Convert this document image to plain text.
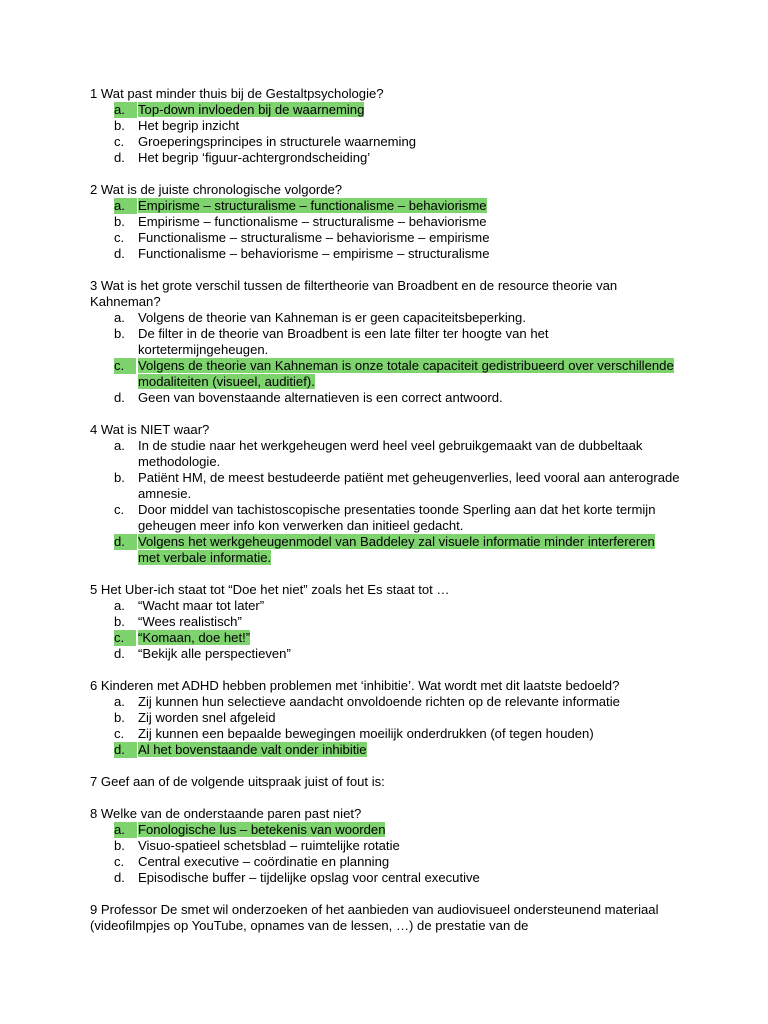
1 Wat past minder thuis bij de Gestaltpsychologie?

a. Top-down invloeden bij de waarneming
b. Het begrip inzicht
c.	Groeperingsprincipes in structurele waarneming
d. Het begrip ‘figuur-achtergrondscheiding’

2 Wat is de juiste chronologische volgorde?

a. Empirisme – structuralisme – functionalisme – behaviorisme
b. Empirisme – functionalisme – structuralisme – behaviorisme
c.	Functionalisme – structuralisme – behaviorisme – empirisme
d. Functionalisme – behaviorisme – empirisme – structuralisme

3 Wat is het grote verschil tussen de filtertheorie van Broadbent en de resource theorie van Kahneman?

a. Volgens de theorie van Kahneman is er geen capaciteitsbeperking.
b. De filter in de theorie van Broadbent is een late filter ter hoogte van het kortetermijngeheugen.
c.	Volgens de theorie van Kahneman is onze totale capaciteit gedistribueerd over verschillende modaliteiten (visueel, auditief).
d. Geen van bovenstaande alternatieven is een correct antwoord.

4 Wat is NIET waar?

a. In de studie naar het werkgeheugen werd heel veel gebruikgemaakt van de dubbeltaak methodologie.
b. Patiënt HM, de meest bestudeerde patiënt met geheugenverlies, leed vooral aan anterograde amnesie.
c.	Door middel van tachistoscopische presentaties toonde Sperling aan dat het korte termijn geheugen meer info kon verwerken dan initieel gedacht.
d. Volgens het werkgeheugenmodel van Baddeley zal visuele informatie minder interfereren met verbale informatie.

5 Het Uber-ich staat tot “Doe het niet” zoals het Es staat tot …

a. “Wacht maar tot later”
b. “Wees realistisch”
c.	“Komaan, doe het!”
d. “Bekijk alle perspectieven”

6 Kinderen met ADHD hebben problemen met ‘inhibitie’. Wat wordt met dit laatste bedoeld?

a. Zij kunnen hun selectieve aandacht onvoldoende richten op de relevante informatie
b. Zij worden snel afgeleid
c.	Zij kunnen een bepaalde bewegingen moeilijk onderdrukken (of tegen houden)
d. Al het bovenstaande valt onder inhibitie

7 Geef aan of de volgende uitspraak juist of fout is:

8 Welke van de onderstaande paren past niet?

a. Fonologische lus – betekenis van woorden
b. Visuo-spatieel schetsblad – ruimtelijke rotatie
c.	Central executive – coördinatie en planning
d. Episodische buffer – tijdelijke opslag voor central executive

9 Professor De smet wil onderzoeken of het aanbieden van audiovisueel ondersteunend materiaal (videofilmpjes op YouTube, opnames van de lessen, …) de prestatie van de
